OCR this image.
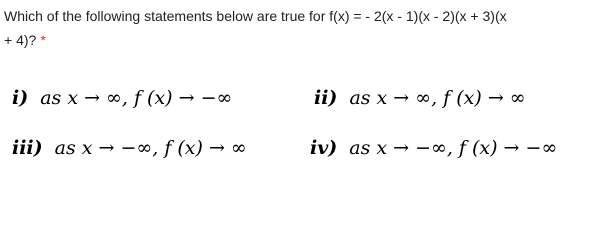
Which of the following statements below are true for f(x) = - 2(x - 1)(x - 2)(x + 3)(x
+ 4)? *
i) as x → ∞, f (x) → −∞	ii) as x → ∞, f (x) → ∞
iii) as x → −∞, f (x) → ∞	iv) as x → −∞, f (x) → −∞
